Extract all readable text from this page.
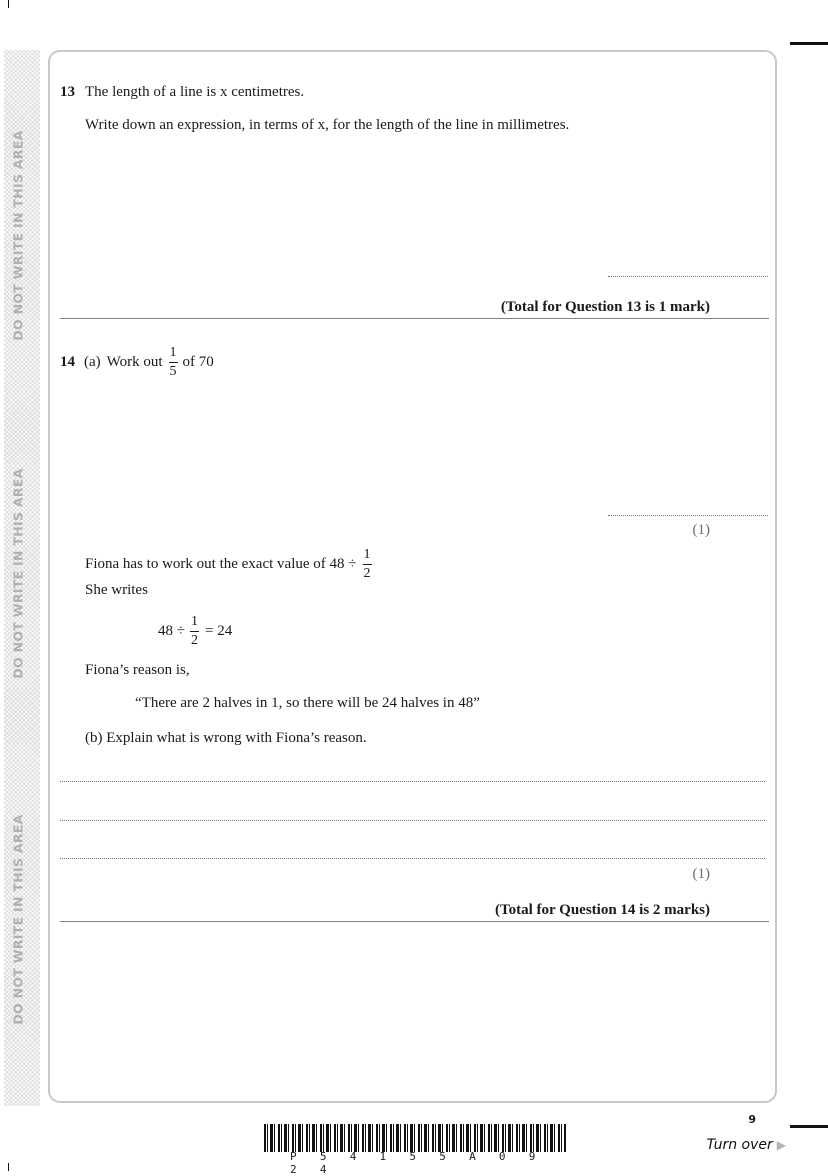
DO NOT WRITE IN THIS AREA
DO NOT WRITE IN THIS AREA
DO NOT WRITE IN THIS AREA
13 The length of a line is x centimetres.
Write down an expression, in terms of x, for the length of the line in millimetres.
(Total for Question 13 is 1 mark)
14 (a) Work out $\frac{1}{5}$ of 70
(1)
Fiona has to work out the exact value of $48 \div \frac{1}{2}$
She writes
$48 \div \frac{1}{2} = 24$
Fiona’s reason is,
“There are 2 halves in 1, so there will be 24 halves in 48”
(b) Explain what is wrong with Fiona’s reason.
(1)
(Total for Question 14 is 2 marks)
9
P 5 4 1 5 5 A 0 9 2 4
Turn over ▶
